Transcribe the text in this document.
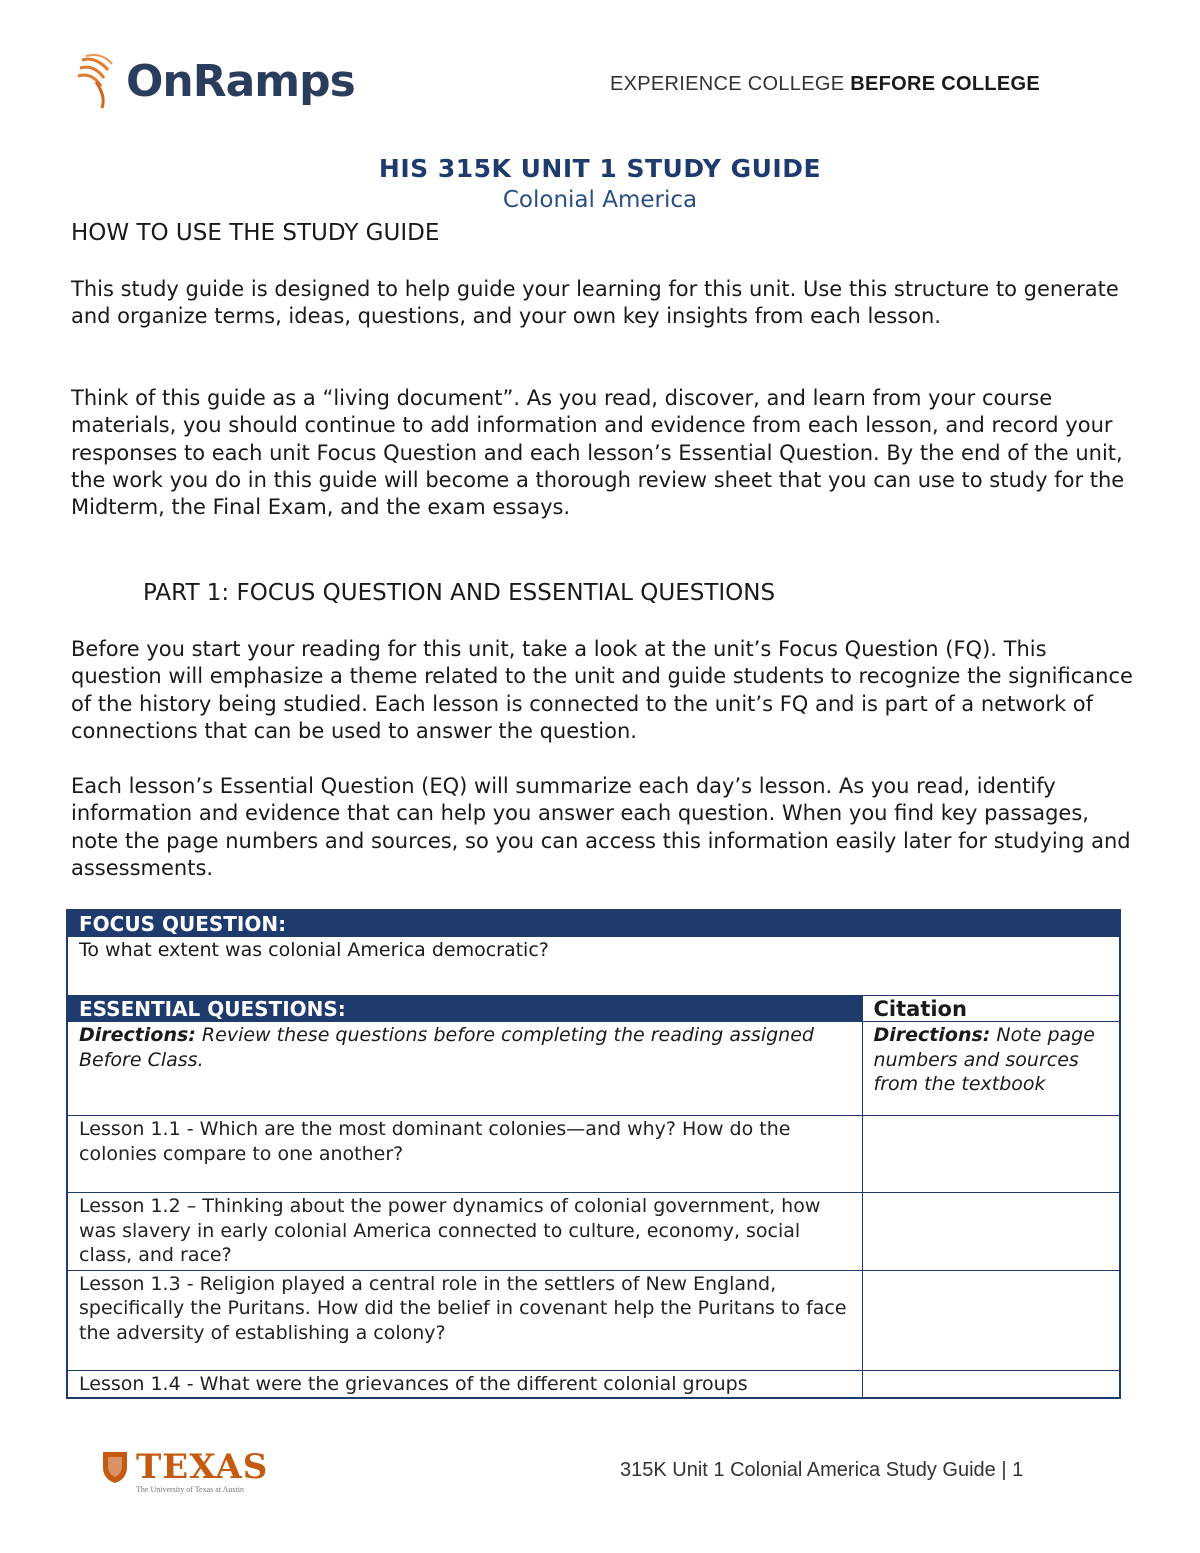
OnRamps	EXPERIENCE COLLEGE BEFORE COLLEGE
HIS 315K UNIT 1 STUDY GUIDE
Colonial America
HOW TO USE THE STUDY GUIDE
This study guide is designed to help guide your learning for this unit. Use this structure to generate and organize terms, ideas, questions, and your own key insights from each lesson.
Think of this guide as a “living document”. As you read, discover, and learn from your course materials, you should continue to add information and evidence from each lesson, and record your responses to each unit Focus Question and each lesson’s Essential Question. By the end of the unit, the work you do in this guide will become a thorough review sheet that you can use to study for the Midterm, the Final Exam, and the exam essays.
PART 1: FOCUS QUESTION AND ESSENTIAL QUESTIONS
Before you start your reading for this unit, take a look at the unit’s Focus Question (FQ). This question will emphasize a theme related to the unit and guide students to recognize the significance of the history being studied. Each lesson is connected to the unit’s FQ and is part of a network of connections that can be used to answer the question.
Each lesson’s Essential Question (EQ) will summarize each day’s lesson. As you read, identify information and evidence that can help you answer each question. When you find key passages, note the page numbers and sources, so you can access this information easily later for studying and assessments.
FOCUS QUESTION:	
To what extent was colonial America democratic?	
ESSENTIAL QUESTIONS:	Citation
Directions: Review these questions before completing the reading assigned Before Class.	Directions: Note page numbers and sources from the textbook
Lesson 1.1 - Which are the most dominant colonies—and why? How do the colonies compare to one another?	
Lesson 1.2 – Thinking about the power dynamics of colonial government, how was slavery in early colonial America connected to culture, economy, social class, and race?	
Lesson 1.3 - Religion played a central role in the settlers of New England, specifically the Puritans. How did the belief in covenant help the Puritans to face the adversity of establishing a colony?	
Lesson 1.4 - What were the grievances of the different colonial groups	
TEXAS
The University of Texas at Austin
315K Unit 1 Colonial America Study Guide | 1
